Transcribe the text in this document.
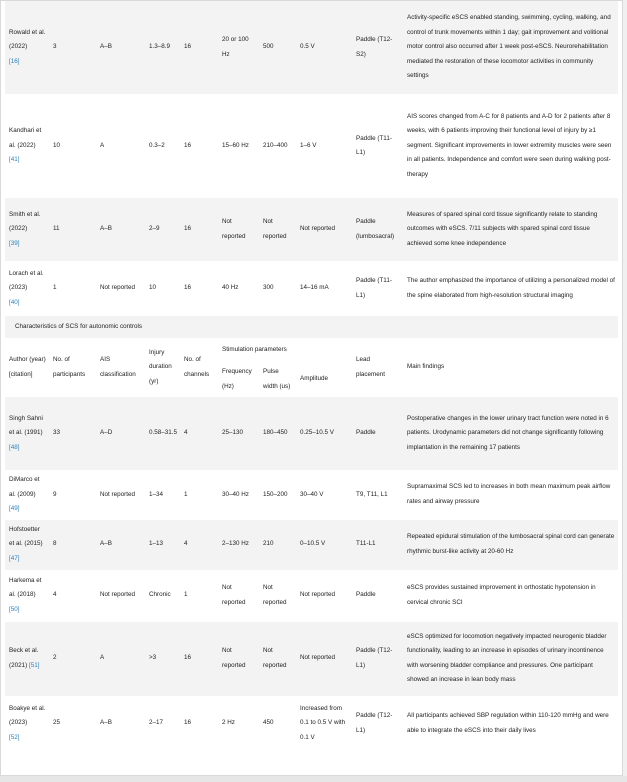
Rowald et al. (2022)
[16]	3	A–B	1.3–8.9	16	20 or 100 Hz	500	0.5 V	Paddle (T12-S2)	Activity-specific eSCS enabled standing, swimming, cycling, walking, and control of trunk movements within 1 day; gait improvement and volitional motor control also occurred after 1 week post-eSCS. Neurorehabilitation mediated the restoration of these locomotor activities in community settings
Kandhari et al. (2022) [41]	10	A	0.3–2	16	15–60 Hz	210–400	1–6 V	Paddle (T11-L1)	AIS scores changed from A-C for 8 patients and A-D for 2 patients after 8 weeks, with 6 patients improving their functional level of injury by ≥1 segment. Significant improvements in lower extremity muscles were seen in all patients. Independence and comfort were seen during walking post-therapy
Smith et al. (2022)
[39]	11	A–B	2–9	16	Not reported	Not reported	Not reported	Paddle (lumbosacral)	Measures of spared spinal cord tissue significantly relate to standing outcomes with eSCS. 7/11 subjects with spared spinal cord tissue achieved some knee independence
Lorach et al. (2023)
[40]	1	Not reported	10	16	40 Hz	300	14–16 mA	Paddle (T11-L1)	The author emphasized the importance of utilizing a personalized model of the spine elaborated from high-resolution structural imaging
Characteristics of SCS for autonomic controls									
Author (year) [citation]	No. of participants	AIS classification	Injury duration (yr)	No. of channels	Stimulation parameters			Lead placement	Main findings
					Frequency (Hz)	Pulse width (us)	Amplitude		
Singh Sahni et al. (1991)
[48]	33	A–D	0.58–31.5	4	25–130	180–450	0.25–10.5 V	Paddle	Postoperative changes in the lower urinary tract function were noted in 6 patients. Urodynamic parameters did not change significantly following implantation in the remaining 17 patients
DiMarco et al. (2009)
[49]	9	Not reported	1–34	1	30–40 Hz	150–200	30–40 V	T9, T11, L1	Supramaximal SCS led to increases in both mean maximum peak airflow rates and airway pressure
Hofstoetter et al. (2015)
[47]	8	A–B	1–13	4	2–130 Hz	210	0–10.5 V	T11-L1	Repeated epidural stimulation of the lumbosacral spinal cord can generate rhythmic burst-like activity at 20-60 Hz
Harkema et al. (2018)
[50]	4	Not reported	Chronic	1	Not reported	Not reported	Not reported	Paddle	eSCS provides sustained improvement in orthostatic hypotension in cervical chronic SCI
Beck et al. (2021) [51]	2	A	>3	16	Not reported	Not reported	Not reported	Paddle (T12-L1)	eSCS optimized for locomotion negatively impacted neurogenic bladder functionality, leading to an increase in episodes of urinary incontinence with worsening bladder compliance and pressures. One participant showed an increase in lean body mass
Boakye et al. (2023)
[52]	25	A–B	2–17	16	2 Hz	450	Increased from 0.1 to 0.5 V with 0.1 V	Paddle (T12-L1)	All participants achieved SBP regulation within 110-120 mmHg and were able to integrate the eSCS into their daily lives
